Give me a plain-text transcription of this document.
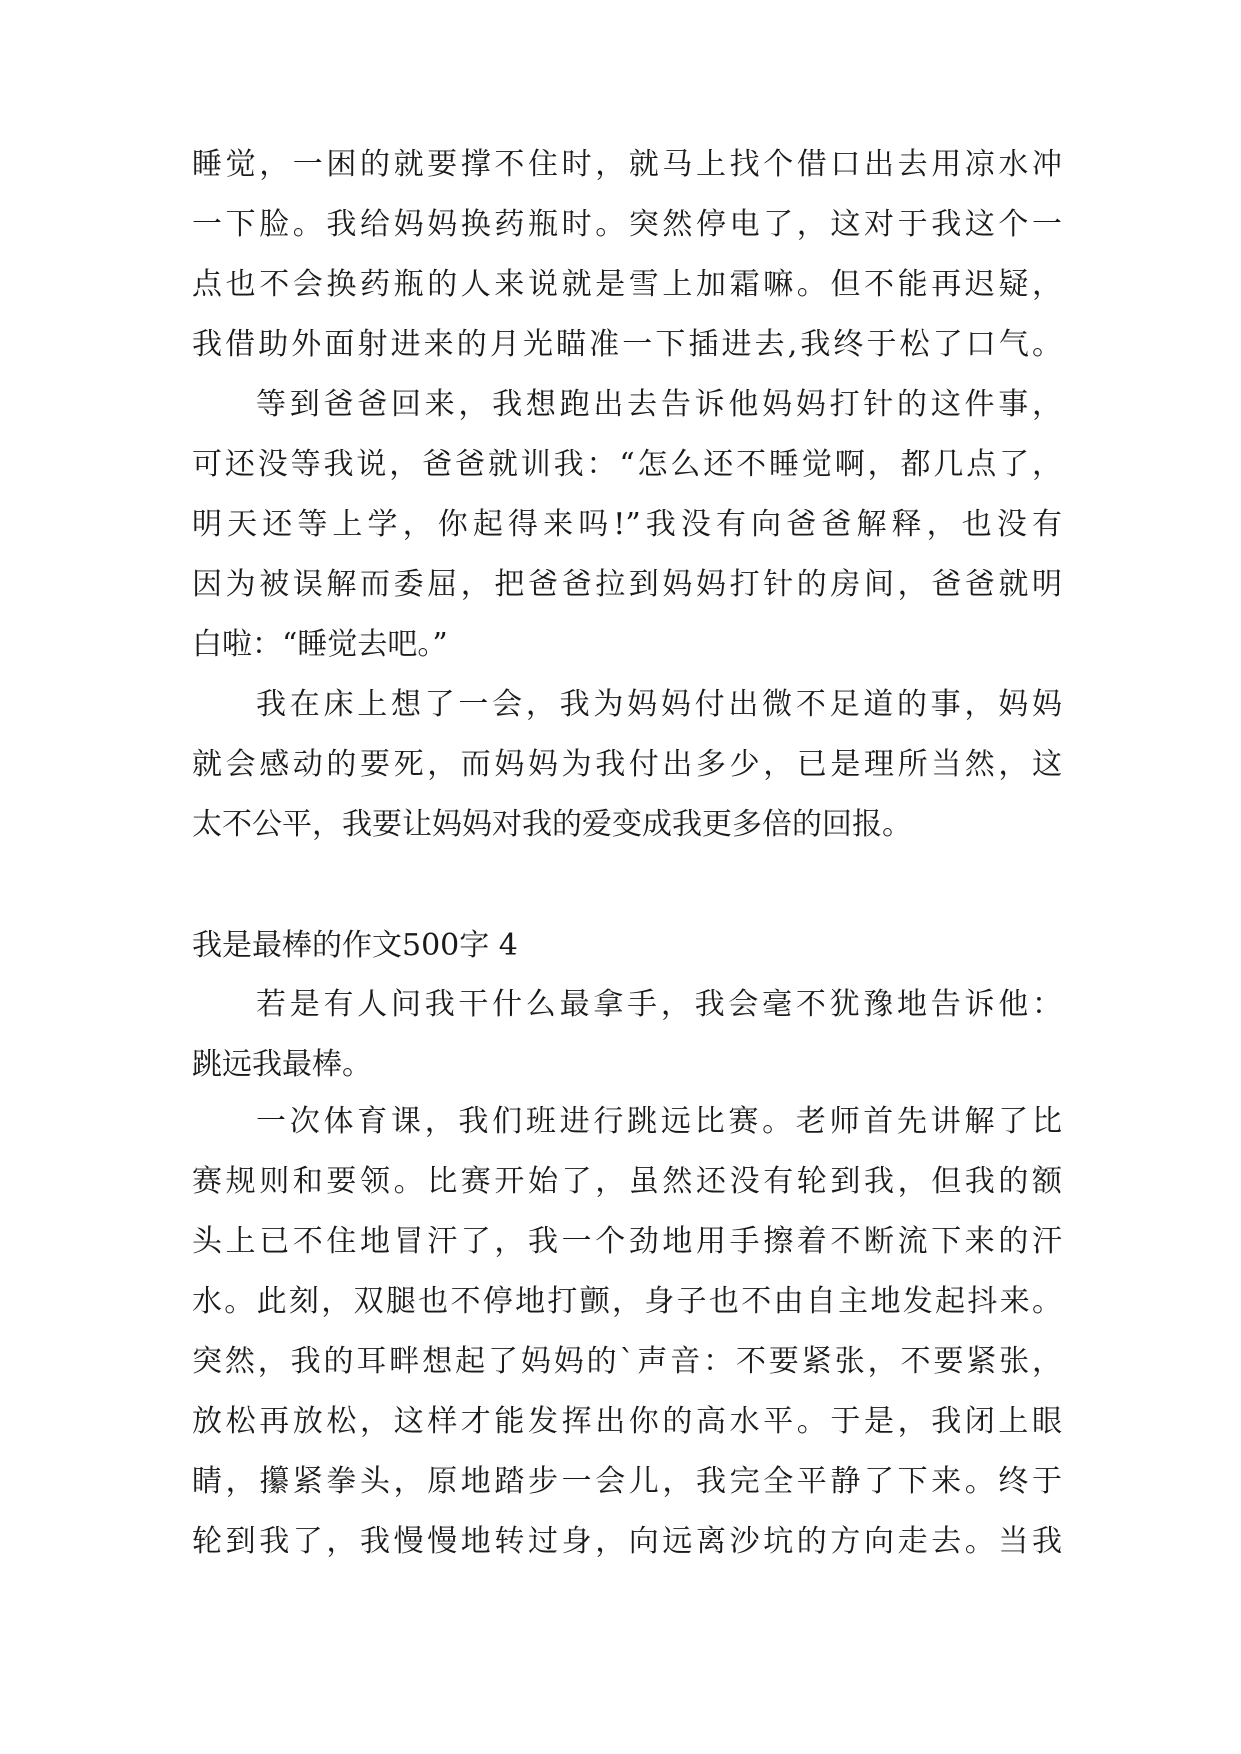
睡觉，一困的就要撑不住时，就马上找个借口出去用凉水冲
一下脸。我给妈妈换药瓶时。突然停电了，这对于我这个一
点也不会换药瓶的人来说就是雪上加霜嘛。但不能再迟疑，
我借助外面射进来的月光瞄准一下插进去,我终于松了口气。
等到爸爸回来，我想跑出去告诉他妈妈打针的这件事，
可还没等我说，爸爸就训我：“怎么还不睡觉啊，都几点了，
明天还等上学，你起得来吗!”我没有向爸爸解释，也没有
因为被误解而委屈，把爸爸拉到妈妈打针的房间，爸爸就明
白啦：“睡觉去吧。”
我在床上想了一会，我为妈妈付出微不足道的事，妈妈
就会感动的要死，而妈妈为我付出多少，已是理所当然，这
太不公平，我要让妈妈对我的爱变成我更多倍的回报。
我是最棒的作文500字 4
若是有人问我干什么最拿手，我会毫不犹豫地告诉他：
跳远我最棒。
一次体育课，我们班进行跳远比赛。老师首先讲解了比
赛规则和要领。比赛开始了，虽然还没有轮到我，但我的额
头上已不住地冒汗了，我一个劲地用手擦着不断流下来的汗
水。此刻，双腿也不停地打颤，身子也不由自主地发起抖来。
突然，我的耳畔想起了妈妈的`声音：不要紧张，不要紧张，
放松再放松，这样才能发挥出你的高水平。于是，我闭上眼
睛，攥紧拳头，原地踏步一会儿，我完全平静了下来。终于
轮到我了，我慢慢地转过身，向远离沙坑的方向走去。当我
